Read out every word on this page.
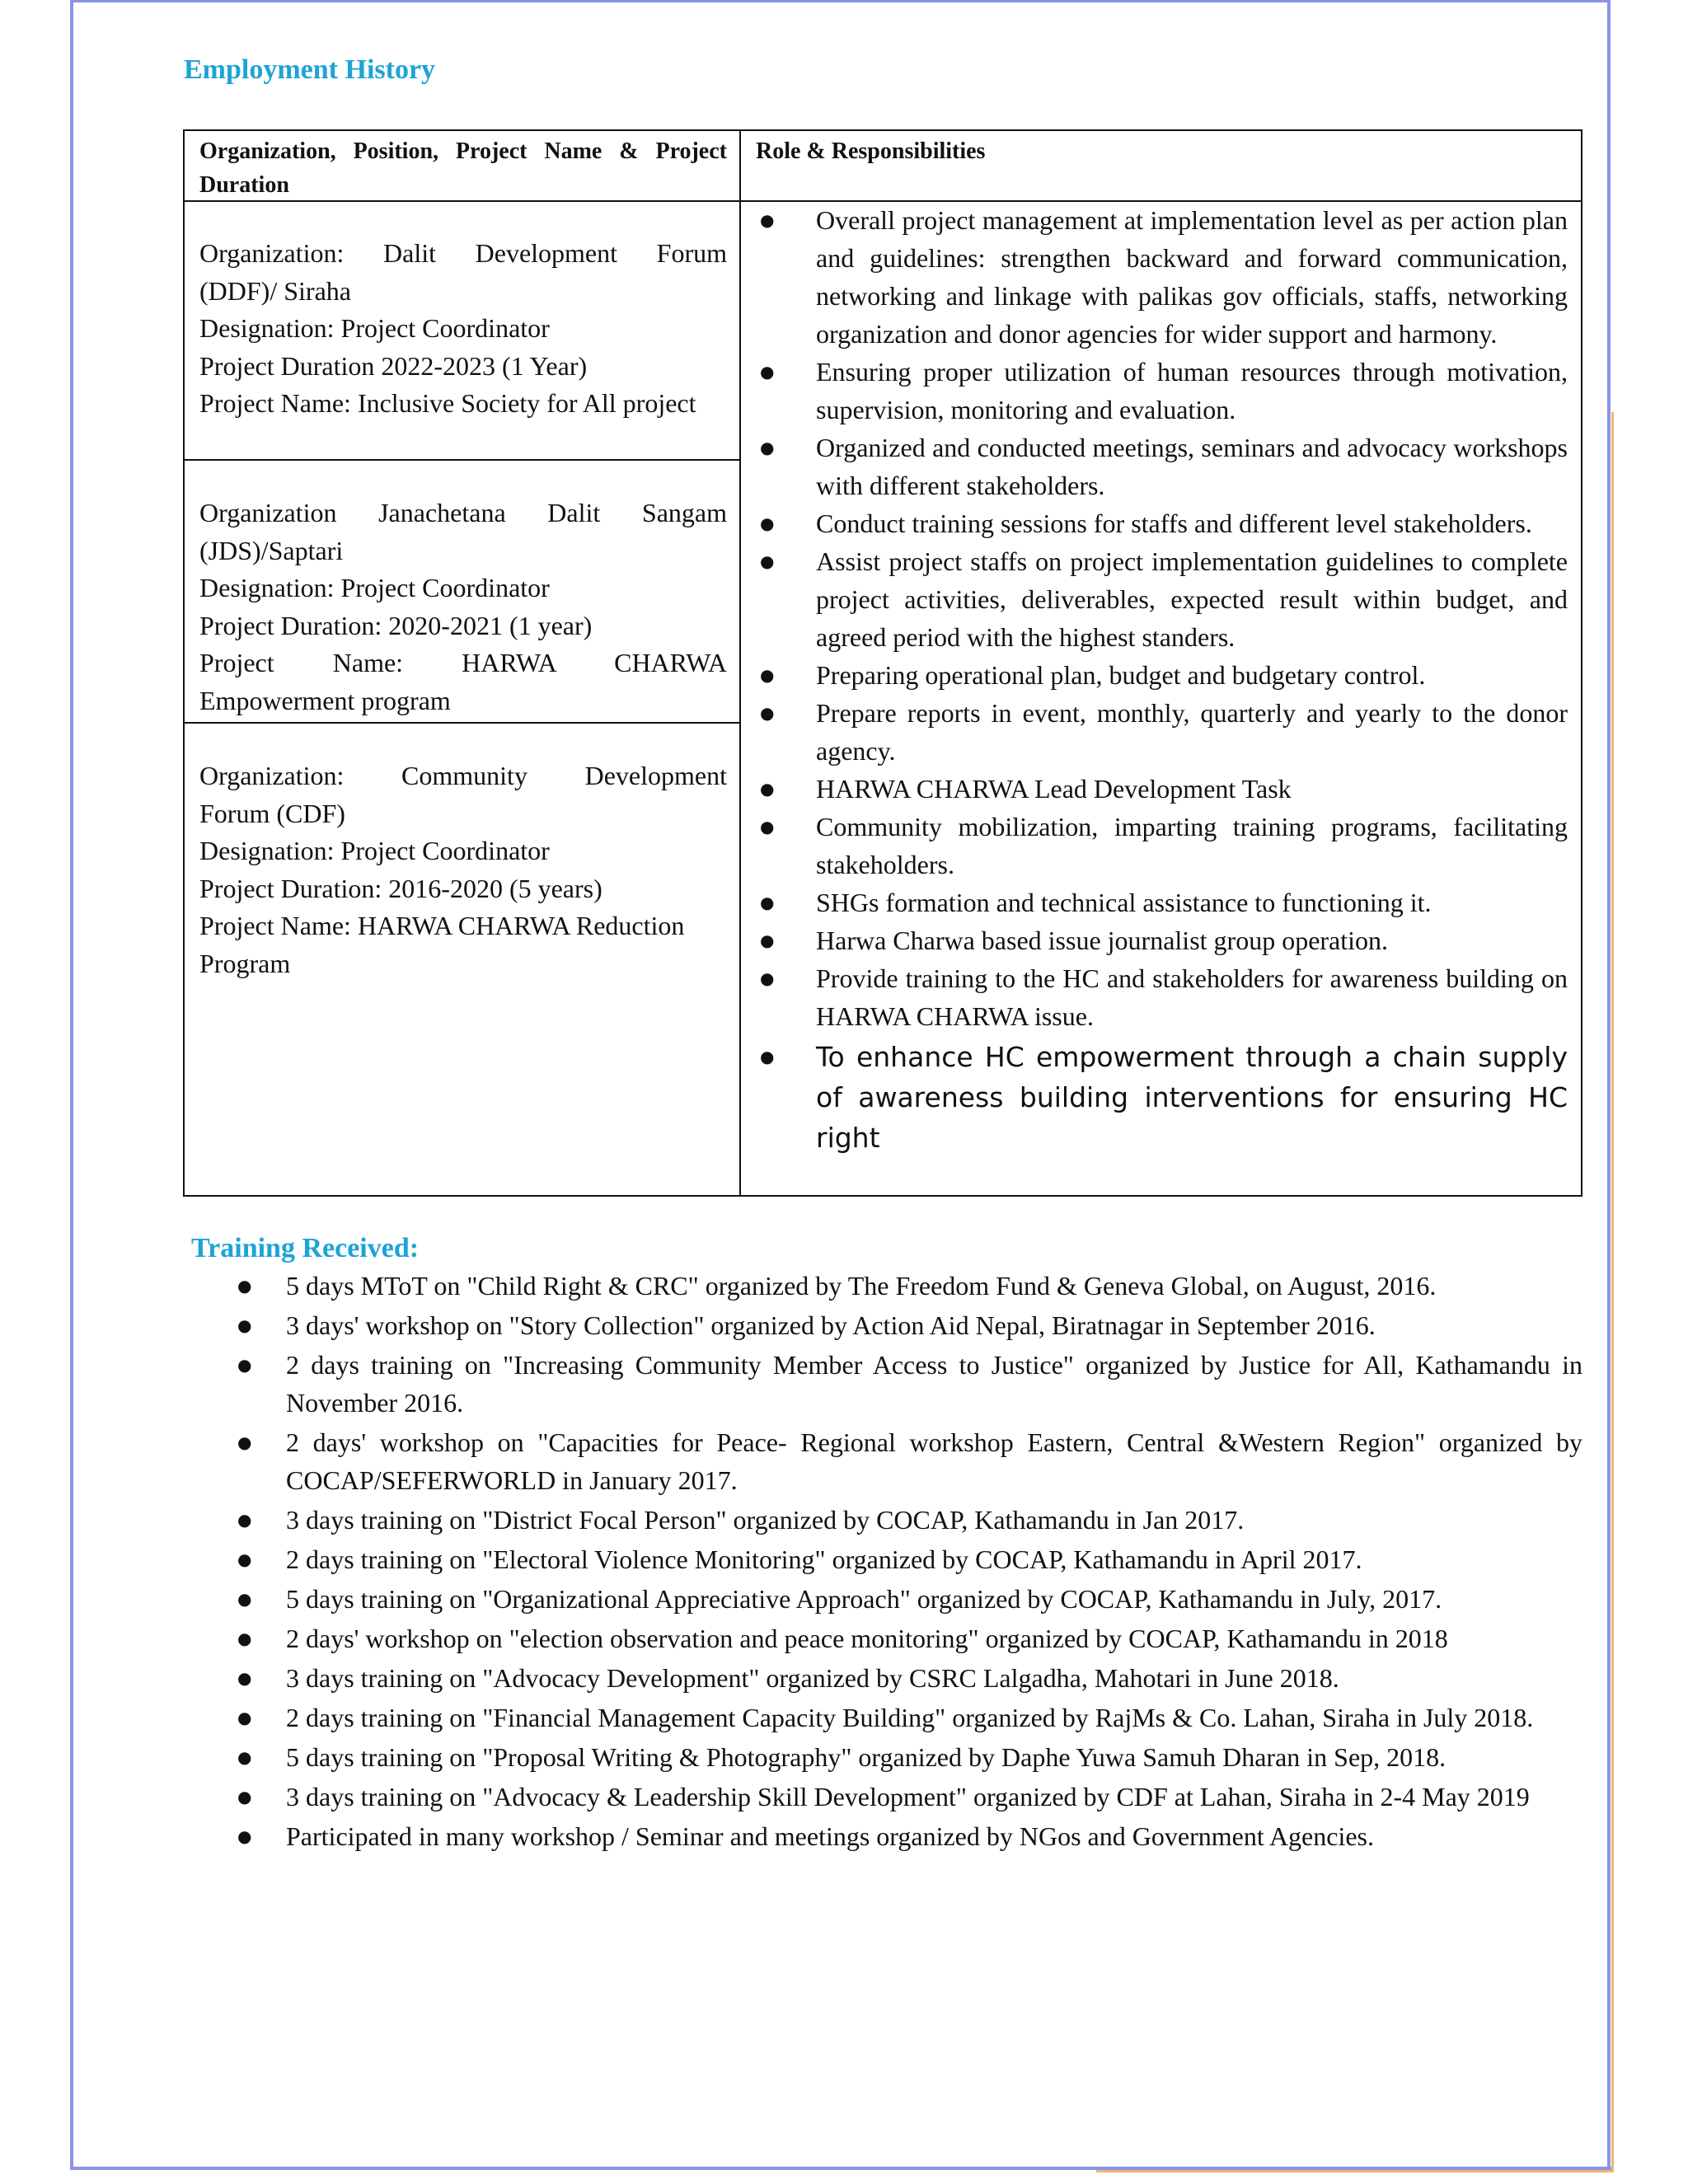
Employment History
Organization, Position, Project Name & Project Duration
Role & Responsibilities
Organization: Dalit Development Forum
(DDF)/ Siraha
Designation: Project Coordinator
Project Duration 2022-2023 (1 Year)
Project Name: Inclusive Society for All project
Organization Janachetana Dalit Sangam
(JDS)/Saptari
Designation: Project Coordinator
Project Duration: 2020-2021 (1 year)
Project Name: HARWA CHARWA
Empowerment program
Organization: Community Development
Forum (CDF)
Designation: Project Coordinator
Project Duration: 2016-2020 (5 years)
Project Name: HARWA CHARWA Reduction
Program
● Overall project management at implementation level as per action plan and guidelines: strengthen backward and forward communication, networking and linkage with palikas gov officials, staffs, networking organization and donor agencies for wider support and harmony.
● Ensuring proper utilization of human resources through motivation, supervision, monitoring and evaluation.
● Organized and conducted meetings, seminars and advocacy workshops with different stakeholders.
● Conduct training sessions for staffs and different level stakeholders.
● Assist project staffs on project implementation guidelines to complete project activities, deliverables, expected result within budget, and agreed period with the highest standers.
● Preparing operational plan, budget and budgetary control.
● Prepare reports in event, monthly, quarterly and yearly to the donor agency.
● HARWA CHARWA Lead Development Task
● Community mobilization, imparting training programs, facilitating stakeholders.
● SHGs formation and technical assistance to functioning it.
● Harwa Charwa based issue journalist group operation.
● Provide training to the HC and stakeholders for awareness building on HARWA CHARWA issue.
● To enhance HC empowerment through a chain supply of awareness building interventions for ensuring HC right
Training Received:
● 5 days MToT on "Child Right & CRC" organized by The Freedom Fund & Geneva Global, on August, 2016.
● 3 days' workshop on "Story Collection" organized by Action Aid Nepal, Biratnagar in September 2016.
● 2 days training on "Increasing Community Member Access to Justice" organized by Justice for All, Kathamandu in November 2016.
● 2 days' workshop on "Capacities for Peace- Regional workshop Eastern, Central &Western Region" organized by COCAP/SEFERWORLD in January 2017.
● 3 days training on "District Focal Person" organized by COCAP, Kathamandu in Jan 2017.
● 2 days training on "Electoral Violence Monitoring" organized by COCAP, Kathamandu in April 2017.
● 5 days training on "Organizational Appreciative Approach" organized by COCAP, Kathamandu in July, 2017.
● 2 days' workshop on "election observation and peace monitoring" organized by COCAP, Kathamandu in 2018
● 3 days training on "Advocacy Development" organized by CSRC Lalgadha, Mahotari in June 2018.
● 2 days training on "Financial Management Capacity Building" organized by RajMs & Co. Lahan, Siraha in July 2018.
● 5 days training on "Proposal Writing & Photography" organized by Daphe Yuwa Samuh Dharan in Sep, 2018.
● 3 days training on "Advocacy & Leadership Skill Development" organized by CDF at Lahan, Siraha in 2-4 May 2019
● Participated in many workshop / Seminar and meetings organized by NGos and Government Agencies.
